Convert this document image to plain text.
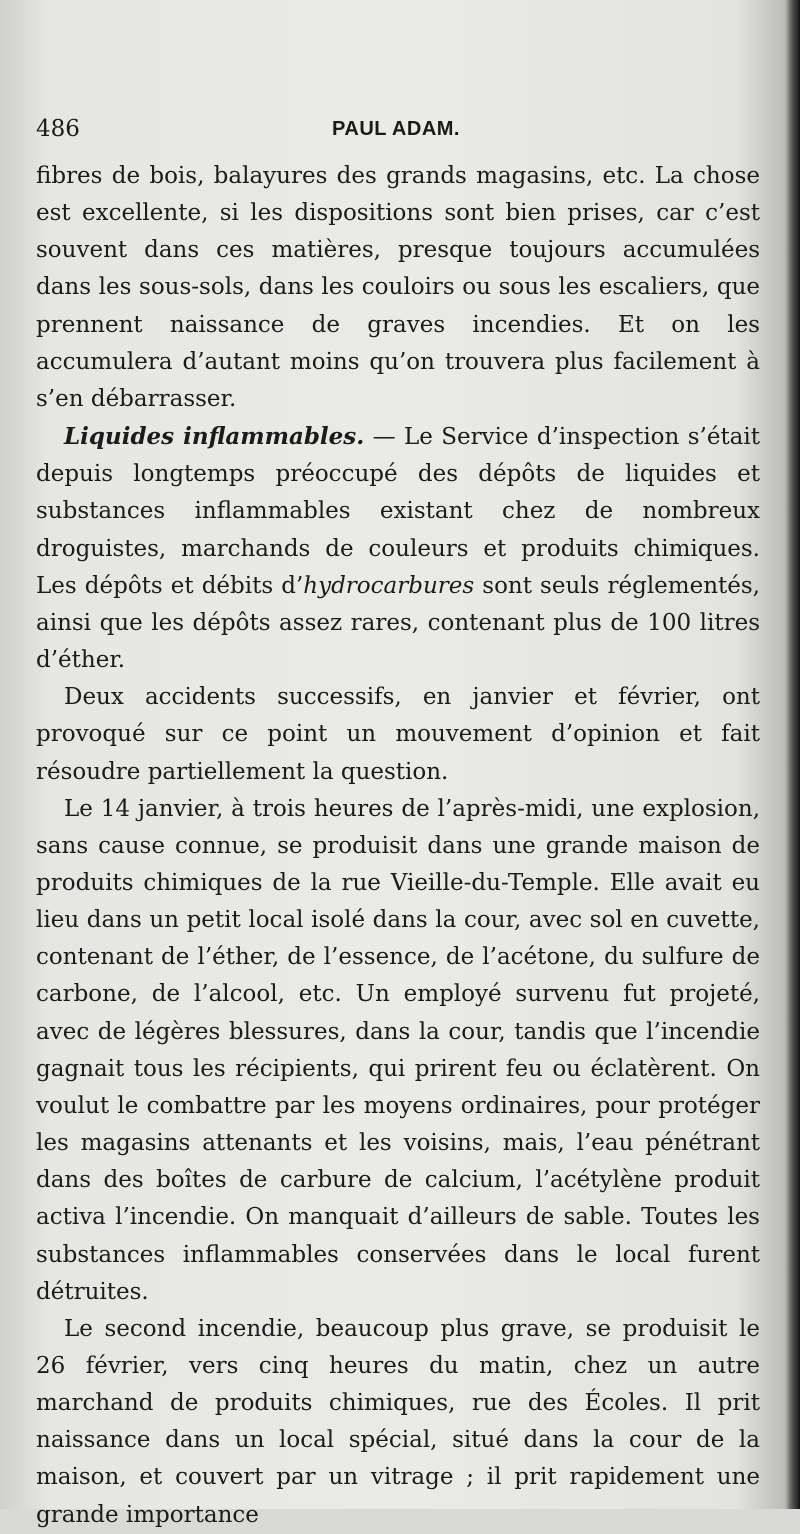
486	PAUL ADAM.

fibres de bois, balayures des grands magasins, etc. La chose est excellente, si les dispositions sont bien prises, car c’est souvent dans ces matières, presque toujours accumulées dans les sous-sols, dans les couloirs ou sous les escaliers, que prennent naissance de graves incendies. Et on les accumulera d’autant moins qu’on trouvera plus facilement à s’en débarrasser.

Liquides inflammables. — Le Service d’inspection s’était depuis longtemps préoccupé des dépôts de liquides et substances inflammables existant chez de nombreux droguistes, marchands de couleurs et produits chimiques. Les dépôts et débits d’hydrocarbures sont seuls réglementés, ainsi que les dépôts assez rares, contenant plus de 100 litres d’éther.

Deux accidents successifs, en janvier et février, ont provoqué sur ce point un mouvement d’opinion et fait résoudre partiellement la question.

Le 14 janvier, à trois heures de l’après-midi, une explosion, sans cause connue, se produisit dans une grande maison de produits chimiques de la rue Vieille-du-Temple. Elle avait eu lieu dans un petit local isolé dans la cour, avec sol en cuvette, contenant de l’éther, de l’essence, de l’acétone, du sulfure de carbone, de l’alcool, etc. Un employé survenu fut projeté, avec de légères blessures, dans la cour, tandis que l’incendie gagnait tous les récipients, qui prirent feu ou éclatèrent. On voulut le combattre par les moyens ordinaires, pour protéger les magasins attenants et les voisins, mais, l’eau pénétrant dans des boîtes de carbure de calcium, l’acétylène produit activa l’incendie. On manquait d’ailleurs de sable. Toutes les substances inflammables conservées dans le local furent détruites.

Le second incendie, beaucoup plus grave, se produisit le 26 février, vers cinq heures du matin, chez un autre marchand de produits chimiques, rue des Écoles. Il prit naissance dans un local spécial, situé dans la cour de la maison, et couvert par un vitrage ; il prit rapidement une grande importance
